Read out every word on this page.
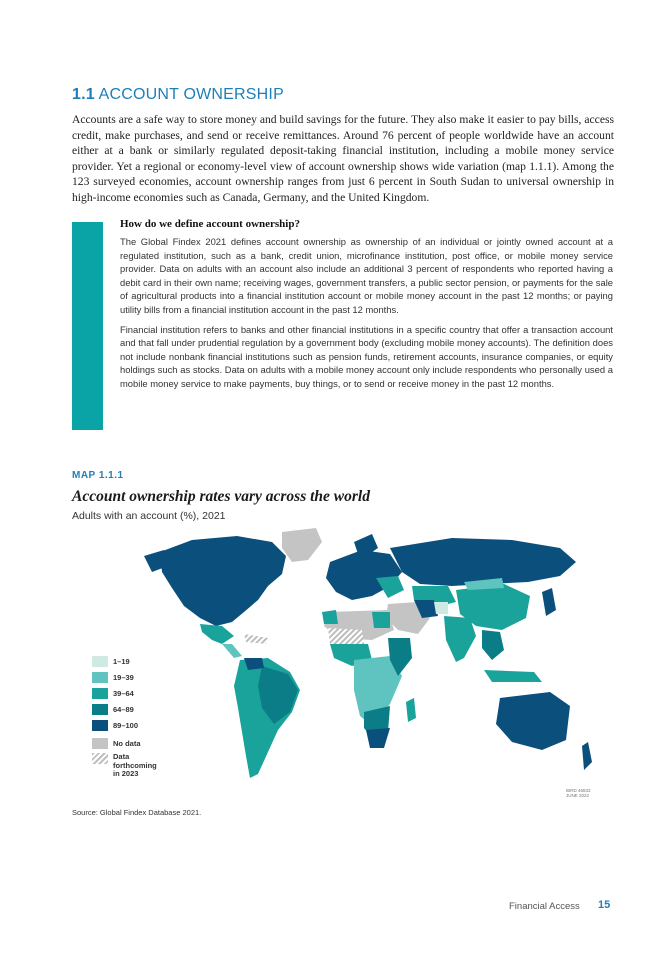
1.1 ACCOUNT OWNERSHIP

Accounts are a safe way to store money and build savings for the future. They also make it easier to pay bills, access credit, make purchases, and send or receive remittances. Around 76 percent of people worldwide have an account either at a bank or similarly regulated deposit-taking financial institution, including a mobile money service provider. Yet a regional or economy-level view of account ownership shows wide variation (map 1.1.1). Among the 123 surveyed economies, account ownership ranges from just 6 percent in South Sudan to universal ownership in high-income economies such as Canada, Germany, and the United Kingdom.

How do we define account ownership?

The Global Findex 2021 defines account ownership as ownership of an individual or jointly owned account at a regulated institution, such as a bank, credit union, microfinance institution, post office, or mobile money service provider. Data on adults with an account also include an additional 3 percent of respondents who reported having a debit card in their own name; receiving wages, government transfers, a public sector pension, or payments for the sale of agricultural products into a financial institution account or mobile money account in the past 12 months; or paying utility bills from a financial institution account in the past 12 months.

Financial institution refers to banks and other financial institutions in a specific country that offer a transaction account and that fall under prudential regulation by a government body (excluding mobile money accounts). The definition does not include nonbank financial institutions such as pension funds, retirement accounts, insurance companies, or equity holdings such as stocks. Data on adults with a mobile money account only include respondents who personally used a mobile money service to make payments, buy things, or to send or receive money in the past 12 months.

MAP 1.1.1
Account ownership rates vary across the world
Adults with an account (%), 2021
1–19
19–39
39–64
64–89
89–100
No data
Data forthcoming in 2023
IBRD 46833
JUNE 2022
Source: Global Findex Database 2021.
Financial Access 15
